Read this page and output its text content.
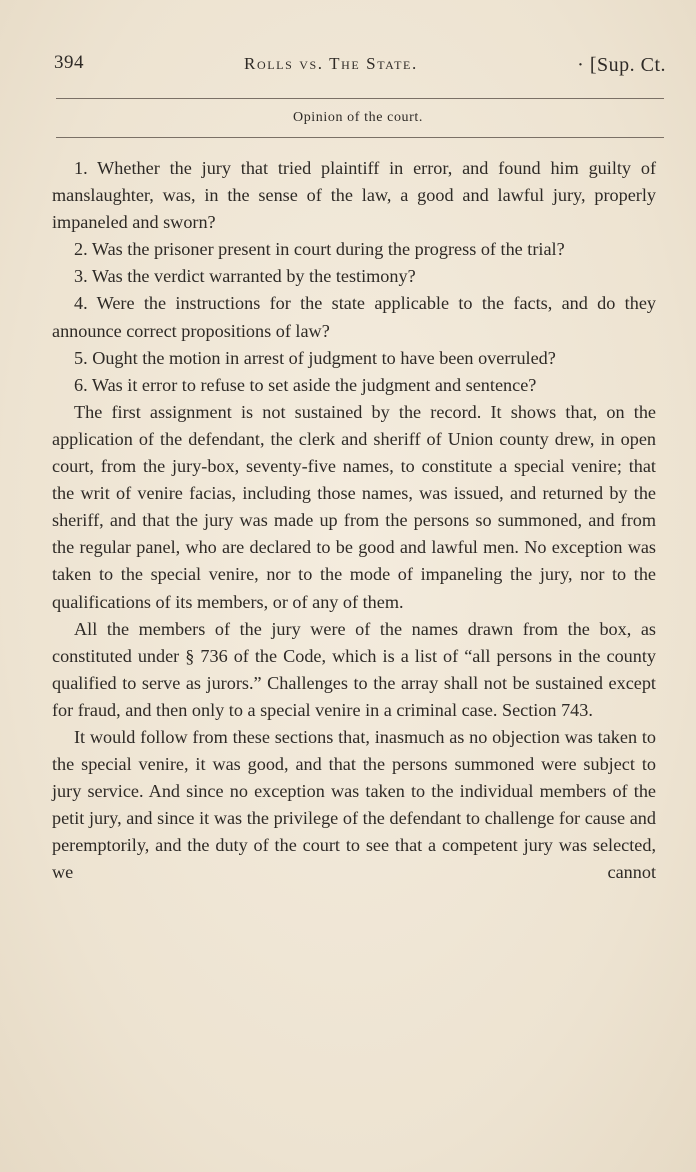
394	Rolls vs. The State.	· [Sup. Ct.
Opinion of the court.

1. Whether the jury that tried plaintiff in error, and found him guilty of manslaughter, was, in the sense of the law, a good and lawful jury, properly impaneled and sworn?

2. Was the prisoner present in court during the progress of the trial?

3. Was the verdict warranted by the testimony?

4. Were the instructions for the state applicable to the facts, and do they announce correct propositions of law?

5. Ought the motion in arrest of judgment to have been overruled?

6. Was it error to refuse to set aside the judgment and sentence?

The first assignment is not sustained by the record. It shows that, on the application of the defendant, the clerk and sheriff of Union county drew, in open court, from the jury-box, seventy-five names, to constitute a special venire; that the writ of venire facias, including those names, was issued, and returned by the sheriff, and that the jury was made up from the persons so summoned, and from the regular panel, who are declared to be good and lawful men. No exception was taken to the special venire, nor to the mode of impaneling the jury, nor to the qualifications of its members, or of any of them.

All the members of the jury were of the names drawn from the box, as constituted under § 736 of the Code, which is a list of “all persons in the county qualified to serve as jurors.” Challenges to the array shall not be sustained except for fraud, and then only to a special venire in a criminal case. Section 743.

It would follow from these sections that, inasmuch as no objection was taken to the special venire, it was good, and that the persons summoned were subject to jury service. And since no exception was taken to the individual members of the petit jury, and since it was the privilege of the defendant to challenge for cause and peremptorily, and the duty of the court to see that a competent jury was selected, we cannot
